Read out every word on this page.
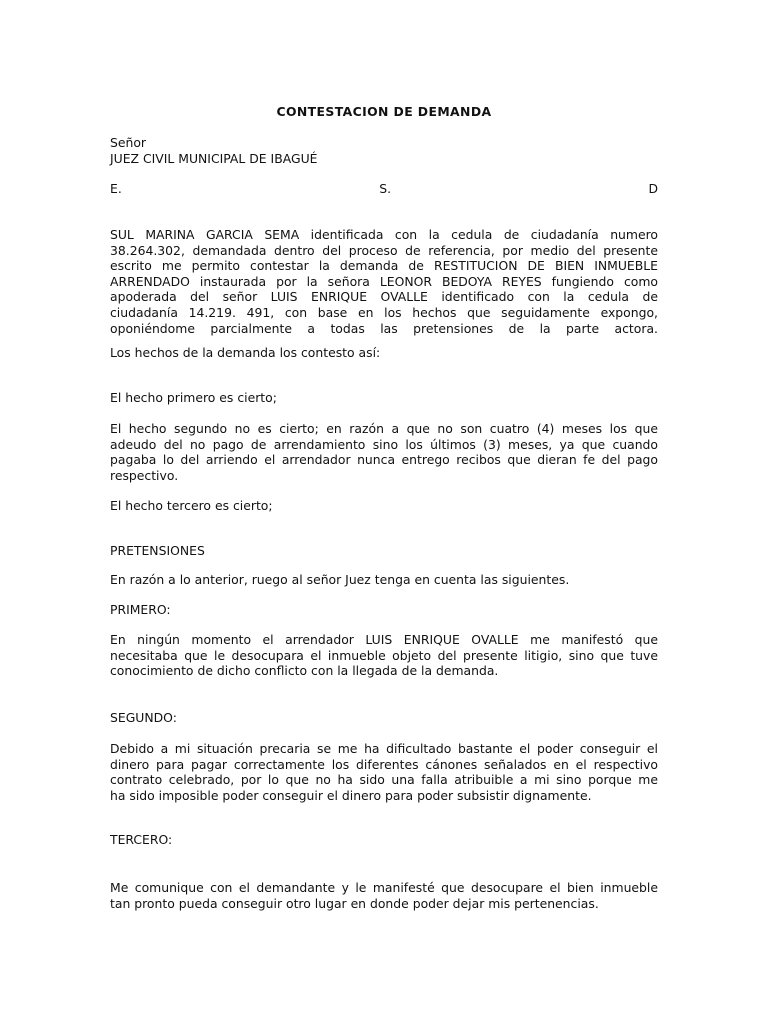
CONTESTACION DE DEMANDA
Señor
JUEZ CIVIL MUNICIPAL DE IBAGUÉ
E.	S.	D
SUL MARINA GARCIA SEMA identificada con la cedula de ciudadanía numero
38.264.302, demandada dentro del proceso de referencia, por medio del presente
escrito me permito contestar la demanda de RESTITUCION DE BIEN INMUEBLE
ARRENDADO instaurada por la señora LEONOR BEDOYA REYES fungiendo como
apoderada del señor LUIS ENRIQUE OVALLE identificado con la cedula de
ciudadanía 14.219. 491, con base en los hechos que seguidamente expongo,
oponiéndome parcialmente a todas las pretensiones de la parte actora.
Los hechos de la demanda los contesto así:
El hecho primero es cierto;
El hecho segundo no es cierto; en razón a que no son cuatro (4) meses los que
adeudo del no pago de arrendamiento sino los últimos (3) meses, ya que cuando
pagaba lo del arriendo el arrendador nunca entrego recibos que dieran fe del pago
respectivo.
El hecho tercero es cierto;
PRETENSIONES
En razón a lo anterior, ruego al señor Juez tenga en cuenta las siguientes.
PRIMERO:
En ningún momento el arrendador LUIS ENRIQUE OVALLE me manifestó que
necesitaba que le desocupara el inmueble objeto del presente litigio, sino que tuve
conocimiento de dicho conflicto con la llegada de la demanda.
SEGUNDO:
Debido a mi situación precaria se me ha dificultado bastante el poder conseguir el
dinero para pagar correctamente los diferentes cánones señalados en el respectivo
contrato celebrado, por lo que no ha sido una falla atribuible a mi sino porque me
ha sido imposible poder conseguir el dinero para poder subsistir dignamente.
TERCERO:
Me comunique con el demandante y le manifesté que desocupare el bien inmueble
tan pronto pueda conseguir otro lugar en donde poder dejar mis pertenencias.
